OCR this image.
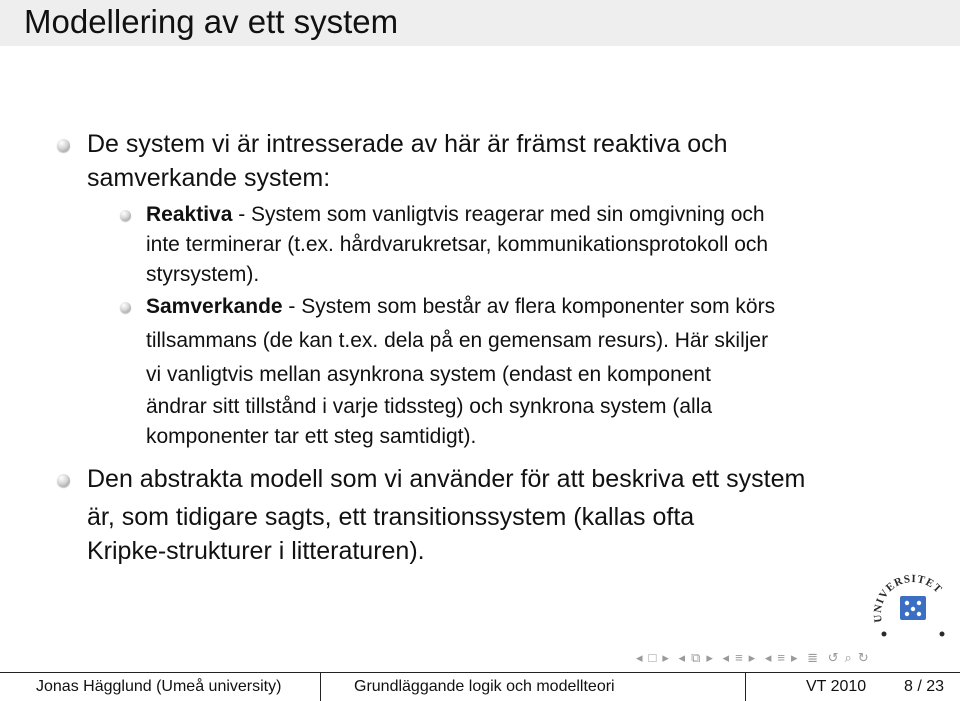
Modellering av ett system
De system vi är intresserade av här är främst reaktiva och
samverkande system:
Reaktiva - System som vanligtvis reagerar med sin omgivning och
inte terminerar (t.ex. hårdvarukretsar, kommunikationsprotokoll och
styrsystem).
Samverkande - System som består av flera komponenter som körs
tillsammans (de kan t.ex. dela på en gemensam resurs). Här skiljer
vi vanligtvis mellan asynkrona system (endast en komponent
ändrar sitt tillstånd i varje tidssteg) och synkrona system (alla
komponenter tar ett steg samtidigt).
Den abstrakta modell som vi använder för att beskriva ett system
är, som tidigare sagts, ett transitionssystem (kallas ofta
Kripke-strukturer i litteraturen).
UNIVERSITET
◂ □ ▸ ◂ ⧉ ▸ ◂ ≡ ▸ ◂ ≡ ▸ ≣ ↺ ⌕ ↻
Jonas Hägglund (Umeå university)	Grundläggande logik och modellteori	VT 2010 8 / 23
